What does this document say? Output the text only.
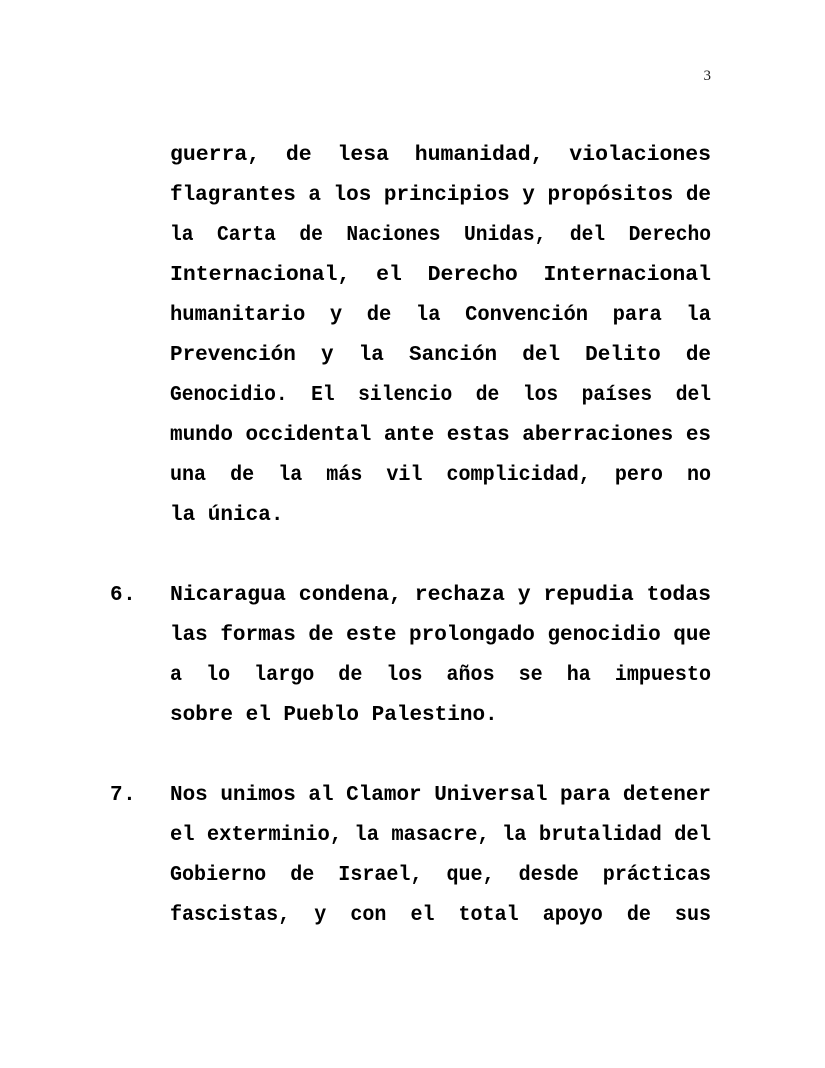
3
guerra,  de  lesa  humanidad,  violaciones
flagrantes a los principios y propósitos de
la  Carta  de  Naciones  Unidas,  del  Derecho
Internacional,  el  Derecho  Internacional
humanitario  y  de  la  Convención  para  la
Prevención  y  la  Sanción  del  Delito  de
Genocidio.  El  silencio  de  los  países  del
mundo occidental ante estas aberraciones es
una  de  la  más  vil  complicidad,  pero  no
la única.
6.	Nicaragua condena, rechaza y repudia todas
las formas de este prolongado genocidio que
a  lo  largo  de  los  años  se  ha  impuesto
sobre el Pueblo Palestino.
7.	Nos unimos al Clamor Universal para detener
el exterminio, la masacre, la brutalidad del
Gobierno  de  Israel,  que,  desde  prácticas
fascistas,  y  con  el  total  apoyo  de  sus
